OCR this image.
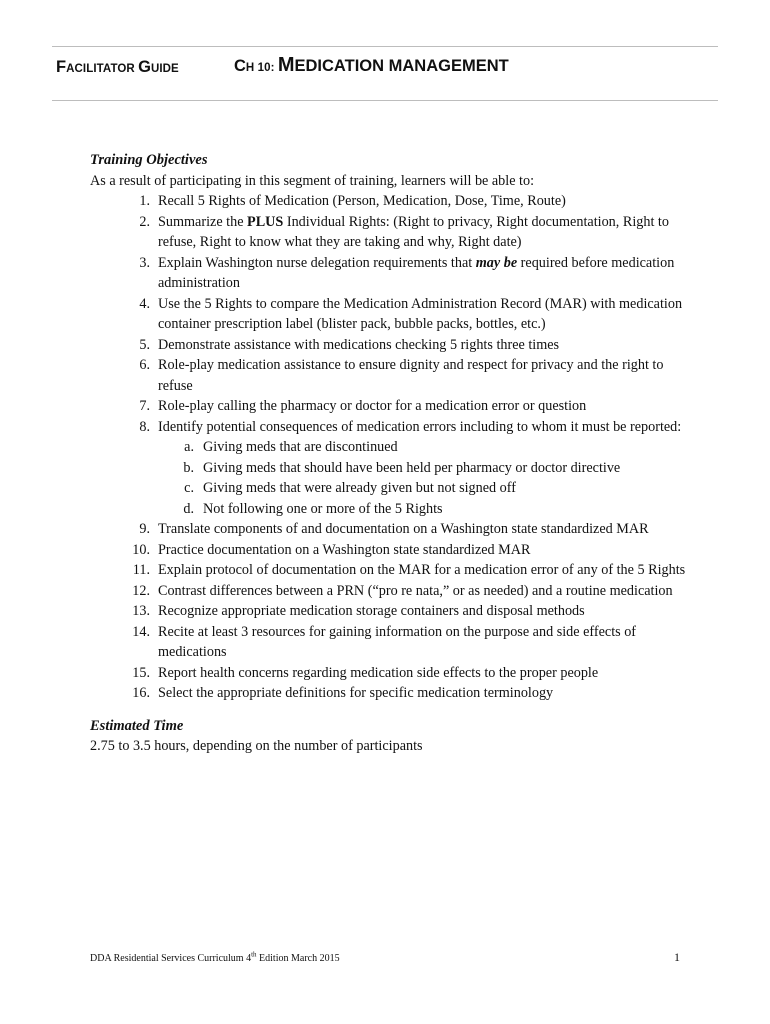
FACILITATOR GUIDE	CH 10: MEDICATION MANAGEMENT
Training Objectives

As a result of participating in this segment of training, learners will be able to:

1. Recall 5 Rights of Medication (Person, Medication, Dose, Time, Route)
2. Summarize the PLUS Individual Rights: (Right to privacy, Right documentation, Right to refuse, Right to know what they are taking and why, Right date)
3. Explain Washington nurse delegation requirements that may be required before medication administration
4. Use the 5 Rights to compare the Medication Administration Record (MAR) with medication container prescription label (blister pack, bubble packs, bottles, etc.)
5. Demonstrate assistance with medications checking 5 rights three times
6. Role-play medication assistance to ensure dignity and respect for privacy and the right to refuse
7. Role-play calling the pharmacy or doctor for a medication error or question
8. Identify potential consequences of medication errors including to whom it must be reported:
a. Giving meds that are discontinued
b. Giving meds that should have been held per pharmacy or doctor directive
c. Giving meds that were already given but not signed off
d. Not following one or more of the 5 Rights
9. Translate components of and documentation on a Washington state standardized MAR
10. Practice documentation on a Washington state standardized MAR
11. Explain protocol of documentation on the MAR for a medication error of any of the 5 Rights
12. Contrast differences between a PRN (“pro re nata,” or as needed) and a routine medication
13. Recognize appropriate medication storage containers and disposal methods
14. Recite at least 3 resources for gaining information on the purpose and side effects of medications
15. Report health concerns regarding medication side effects to the proper people
16. Select the appropriate definitions for specific medication terminology
Estimated Time
2.75 to 3.5 hours, depending on the number of participants
DDA Residential Services Curriculum 4th Edition March 2015	1
